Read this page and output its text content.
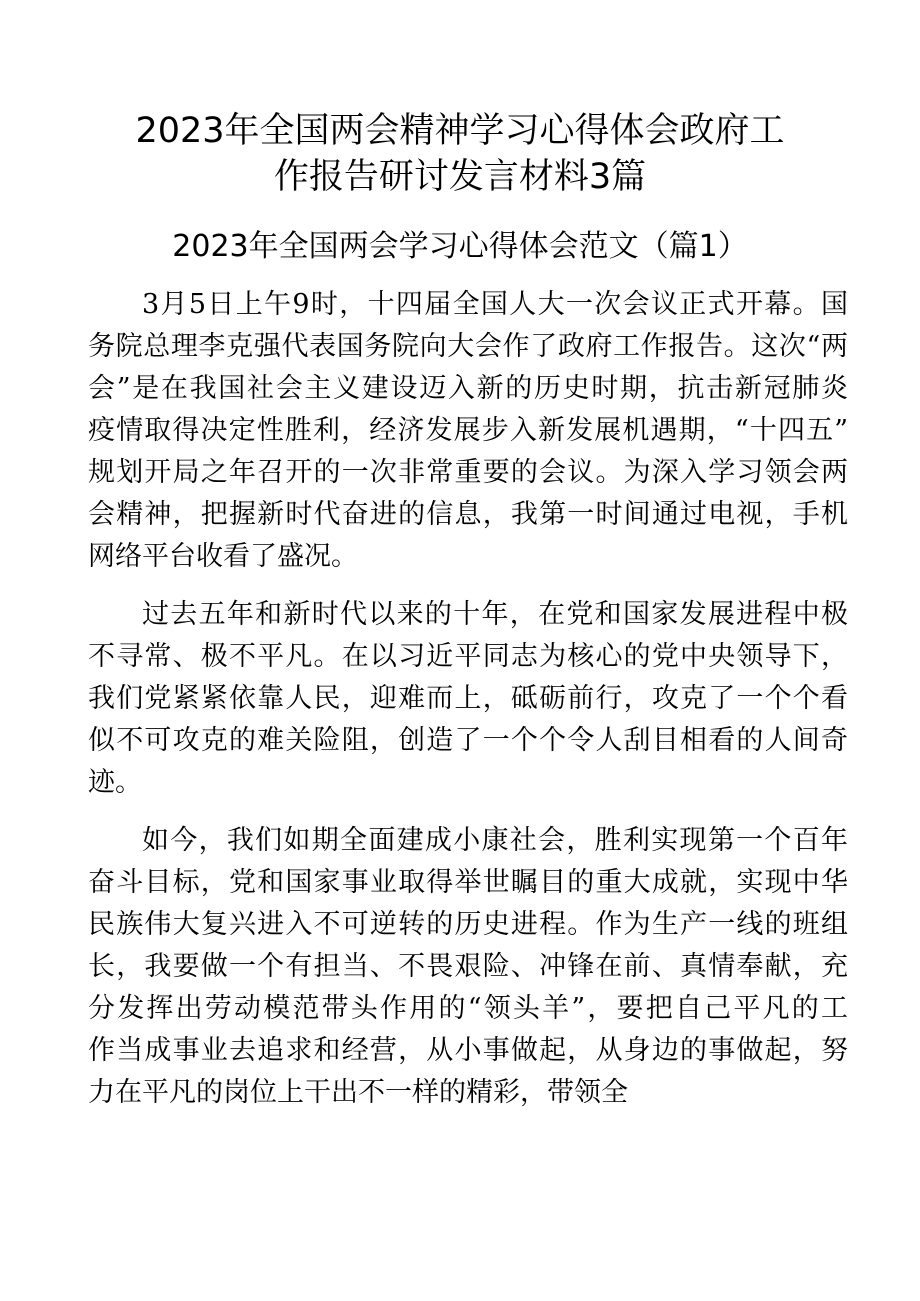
2023年全国两会精神学习心得体会政府工
作报告研讨发言材料3篇
2023年全国两会学习心得体会范文（篇1）
3月5日上午9时，十四届全国人大一次会议正式开幕。国
务院总理李克强代表国务院向大会作了政府工作报告。这次“两
会”是在我国社会主义建设迈入新的历史时期，抗击新冠肺炎
疫情取得决定性胜利，经济发展步入新发展机遇期，“十四五”
规划开局之年召开的一次非常重要的会议。为深入学习领会两
会精神，把握新时代奋进的信息，我第一时间通过电视，手机
网络平台收看了盛况。
过去五年和新时代以来的十年，在党和国家发展进程中极
不寻常、极不平凡。在以习近平同志为核心的党中央领导下，
我们党紧紧依靠人民，迎难而上，砥砺前行，攻克了一个个看
似不可攻克的难关险阻，创造了一个个令人刮目相看的人间奇
迹。
如今，我们如期全面建成小康社会，胜利实现第一个百年
奋斗目标，党和国家事业取得举世瞩目的重大成就，实现中华
民族伟大复兴进入不可逆转的历史进程。作为生产一线的班组
长，我要做一个有担当、不畏艰险、冲锋在前、真情奉献，充
分发挥出劳动模范带头作用的“领头羊”，要把自己平凡的工
作当成事业去追求和经营，从小事做起，从身边的事做起，努
力在平凡的岗位上干出不一样的精彩，带领全
